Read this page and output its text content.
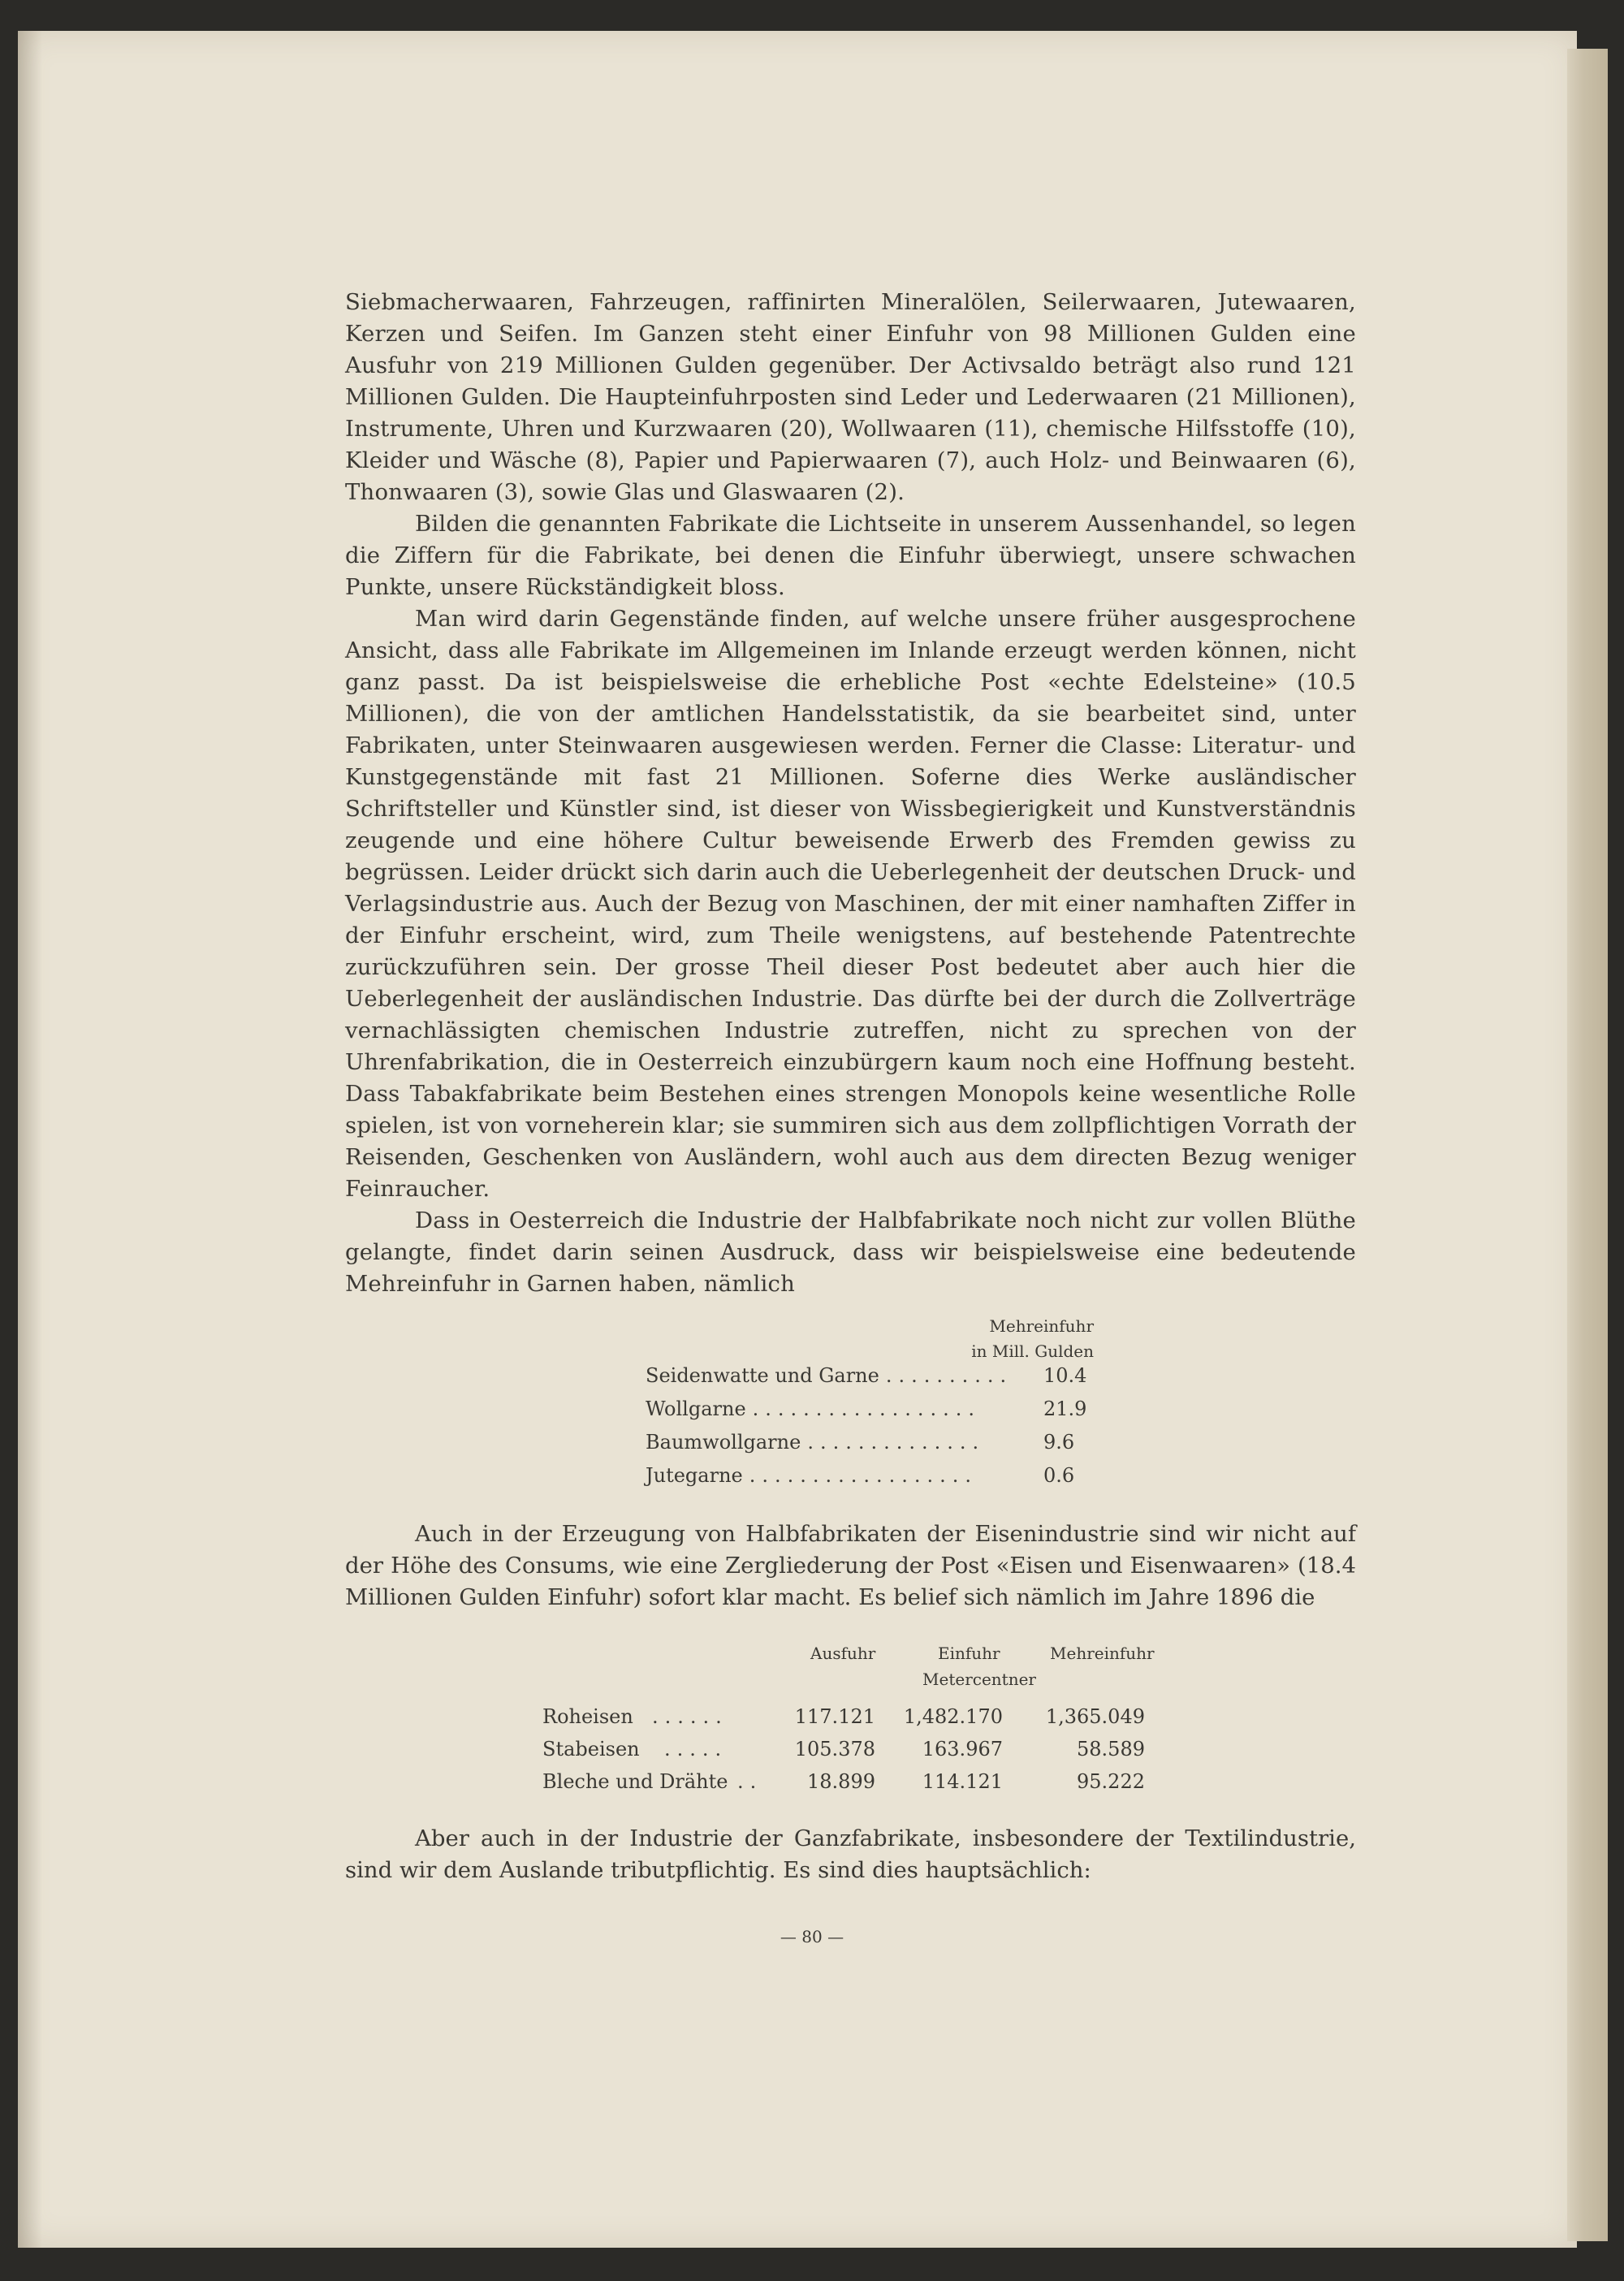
Siebmacherwaaren, Fahrzeugen, raffinirten Mineralölen, Seilerwaaren, Jutewaaren, Kerzen und Seifen. Im Ganzen steht einer Einfuhr von 98 Millionen Gulden eine Ausfuhr von 219 Millionen Gulden gegenüber. Der Activsaldo beträgt also rund 121 Millionen Gulden. Die Haupteinfuhrposten sind Leder und Lederwaaren (21 Millionen), Instrumente, Uhren und Kurzwaaren (20), Wollwaaren (11), chemische Hilfsstoffe (10), Kleider und Wäsche (8), Papier und Papierwaaren (7), auch Holz- und Beinwaaren (6), Thonwaaren (3), sowie Glas und Glaswaaren (2).

Bilden die genannten Fabrikate die Lichtseite in unserem Aussenhandel, so legen die Ziffern für die Fabrikate, bei denen die Einfuhr überwiegt, unsere schwachen Punkte, unsere Rückständigkeit bloss.

Man wird darin Gegenstände finden, auf welche unsere früher ausgesprochene Ansicht, dass alle Fabrikate im Allgemeinen im Inlande erzeugt werden können, nicht ganz passt. Da ist beispielsweise die erhebliche Post «echte Edelsteine» (10.5 Millionen), die von der amtlichen Handelsstatistik, da sie bearbeitet sind, unter Fabrikaten, unter Steinwaaren ausgewiesen werden. Ferner die Classe: Literatur- und Kunstgegenstände mit fast 21 Millionen. Soferne dies Werke ausländischer Schriftsteller und Künstler sind, ist dieser von Wissbegierigkeit und Kunstverständnis zeugende und eine höhere Cultur beweisende Erwerb des Fremden gewiss zu begrüssen. Leider drückt sich darin auch die Ueberlegenheit der deutschen Druck- und Verlagsindustrie aus. Auch der Bezug von Maschinen, der mit einer namhaften Ziffer in der Einfuhr erscheint, wird, zum Theile wenigstens, auf bestehende Patentrechte zurückzuführen sein. Der grosse Theil dieser Post bedeutet aber auch hier die Ueberlegenheit der ausländischen Industrie. Das dürfte bei der durch die Zollverträge vernachlässigten chemischen Industrie zutreffen, nicht zu sprechen von der Uhrenfabrikation, die in Oesterreich einzubürgern kaum noch eine Hoffnung besteht. Dass Tabakfabrikate beim Bestehen eines strengen Monopols keine wesentliche Rolle spielen, ist von vorneherein klar; sie summiren sich aus dem zollpflichtigen Vorrath der Reisenden, Geschenken von Ausländern, wohl auch aus dem directen Bezug weniger Feinraucher.

Dass in Oesterreich die Industrie der Halbfabrikate noch nicht zur vollen Blüthe gelangte, findet darin seinen Ausdruck, dass wir beispielsweise eine bedeutende Mehreinfuhr in Garnen haben, nämlich

Mehreinfuhr
in Mill. Gulden
Seidenwatte und Garne ..........	10.4
Wollgarne ..................	21.9
Baumwollgarne ..............	9.6
Jutegarne ..................	0.6

Auch in der Erzeugung von Halbfabrikaten der Eisenindustrie sind wir nicht auf der Höhe des Consums, wie eine Zergliederung der Post «Eisen und Eisenwaaren» (18.4 Millionen Gulden Einfuhr) sofort klar macht. Es belief sich nämlich im Jahre 1896 die

Ausfuhr	Einfuhr	Mehreinfuhr
Metercentner
Roheisen ......	117.121	1,482.170	1,365.049
Stabeisen .....	105.378	163.967	58.589
Bleche und Drähte ..	18.899	114.121	95.222

Aber auch in der Industrie der Ganzfabrikate, insbesondere der Textilindustrie, sind wir dem Auslande tributpflichtig. Es sind dies hauptsächlich:

— 80 —
